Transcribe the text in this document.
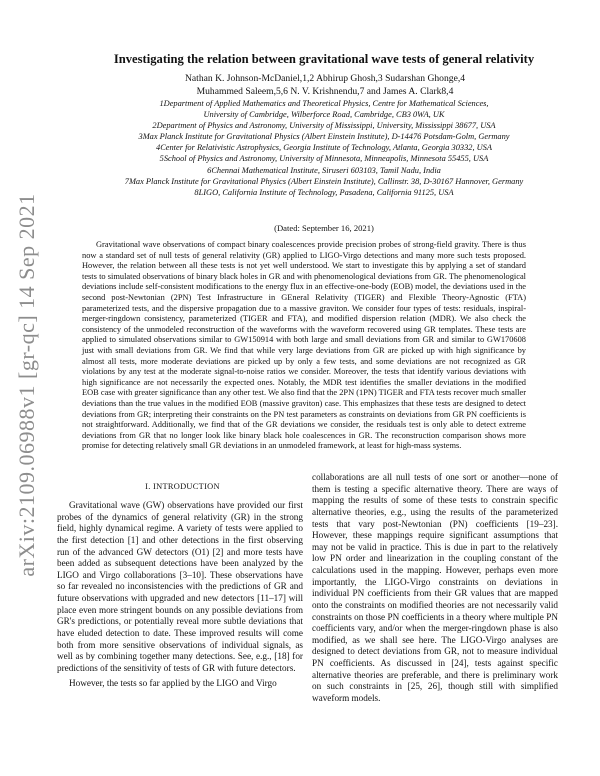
arXiv:2109.06988v1 [gr-qc] 14 Sep 2021
Investigating the relation between gravitational wave tests of general relativity
Nathan K. Johnson-McDaniel,1,2 Abhirup Ghosh,3 Sudarshan Ghonge,4
Muhammed Saleem,5,6 N. V. Krishnendu,7 and James A. Clark8,4
1Department of Applied Mathematics and Theoretical Physics, Centre for Mathematical Sciences,
University of Cambridge, Wilberforce Road, Cambridge, CB3 0WA, UK
2Department of Physics and Astronomy, University of Mississippi, University, Mississippi 38677, USA
3Max Planck Institute for Gravitational Physics (Albert Einstein Institute), D-14476 Potsdam-Golm, Germany
4Center for Relativistic Astrophysics, Georgia Institute of Technology, Atlanta, Georgia 30332, USA
5School of Physics and Astronomy, University of Minnesota, Minneapolis, Minnesota 55455, USA
6Chennai Mathematical Institute, Siruseri 603103, Tamil Nadu, India
7Max Planck Institute for Gravitational Physics (Albert Einstein Institute), Callinstr. 38, D-30167 Hannover, Germany
8LIGO, California Institute of Technology, Pasadena, California 91125, USA
(Dated: September 16, 2021)
Gravitational wave observations of compact binary coalescences provide precision probes of strong-field gravity. There is thus now a standard set of null tests of general relativity (GR) applied to LIGO-Virgo detections and many more such tests proposed. However, the relation between all these tests is not yet well understood. We start to investigate this by applying a set of standard tests to simulated observations of binary black holes in GR and with phenomenological deviations from GR. The phenomenological deviations include self-consistent modifications to the energy flux in an effective-one-body (EOB) model, the deviations used in the second post-Newtonian (2PN) Test Infrastructure in GEneral Relativity (TIGER) and Flexible Theory-Agnostic (FTA) parameterized tests, and the dispersive propagation due to a massive graviton. We consider four types of tests: residuals, inspiral-merger-ringdown consistency, parameterized (TIGER and FTA), and modified dispersion relation (MDR). We also check the consistency of the unmodeled reconstruction of the waveforms with the waveform recovered using GR templates. These tests are applied to simulated observations similar to GW150914 with both large and small deviations from GR and similar to GW170608 just with small deviations from GR. We find that while very large deviations from GR are picked up with high significance by almost all tests, more moderate deviations are picked up by only a few tests, and some deviations are not recognized as GR violations by any test at the moderate signal-to-noise ratios we consider. Moreover, the tests that identify various deviations with high significance are not necessarily the expected ones. Notably, the MDR test identifies the smaller deviations in the modified EOB case with greater significance than any other test. We also find that the 2PN (1PN) TIGER and FTA tests recover much smaller deviations than the true values in the modified EOB (massive graviton) case. This emphasizes that these tests are designed to detect deviations from GR; interpreting their constraints on the PN test parameters as constraints on deviations from GR PN coefficients is not straightforward. Additionally, we find that of the GR deviations we consider, the residuals test is only able to detect extreme deviations from GR that no longer look like binary black hole coalescences in GR. The reconstruction comparison shows more promise for detecting relatively small GR deviations in an unmodeled framework, at least for high-mass systems.
I. INTRODUCTION

Gravitational wave (GW) observations have provided our first probes of the dynamics of general relativity (GR) in the strong field, highly dynamical regime. A variety of tests were applied to the first detection [1] and other detections in the first observing run of the advanced GW detectors (O1) [2] and more tests have been added as subsequent detections have been analyzed by the LIGO and Virgo collaborations [3–10]. These observations have so far revealed no inconsistencies with the predictions of GR and future observations with upgraded and new detectors [11–17] will place even more stringent bounds on any possible deviations from GR's predictions, or potentially reveal more subtle deviations that have eluded detection to date. These improved results will come both from more sensitive observations of individual signals, as well as by combining together many detections. See, e.g., [18] for predictions of the sensitivity of tests of GR with future detectors.

However, the tests so far applied by the LIGO and Virgo

collaborations are all null tests of one sort or another—none of them is testing a specific alternative theory. There are ways of mapping the results of some of these tests to constrain specific alternative theories, e.g., using the results of the parameterized tests that vary post-Newtonian (PN) coefficients [19–23]. However, these mappings require significant assumptions that may not be valid in practice. This is due in part to the relatively low PN order and linearization in the coupling constant of the calculations used in the mapping. However, perhaps even more importantly, the LIGO-Virgo constraints on deviations in individual PN coefficients from their GR values that are mapped onto the constraints on modified theories are not necessarily valid constraints on those PN coefficients in a theory where multiple PN coefficients vary, and/or when the merger-ringdown phase is also modified, as we shall see here. The LIGO-Virgo analyses are designed to detect deviations from GR, not to measure individual PN coefficients. As discussed in [24], tests against specific alternative theories are preferable, and there is preliminary work on such constraints in [25, 26], though still with simplified waveform models.
